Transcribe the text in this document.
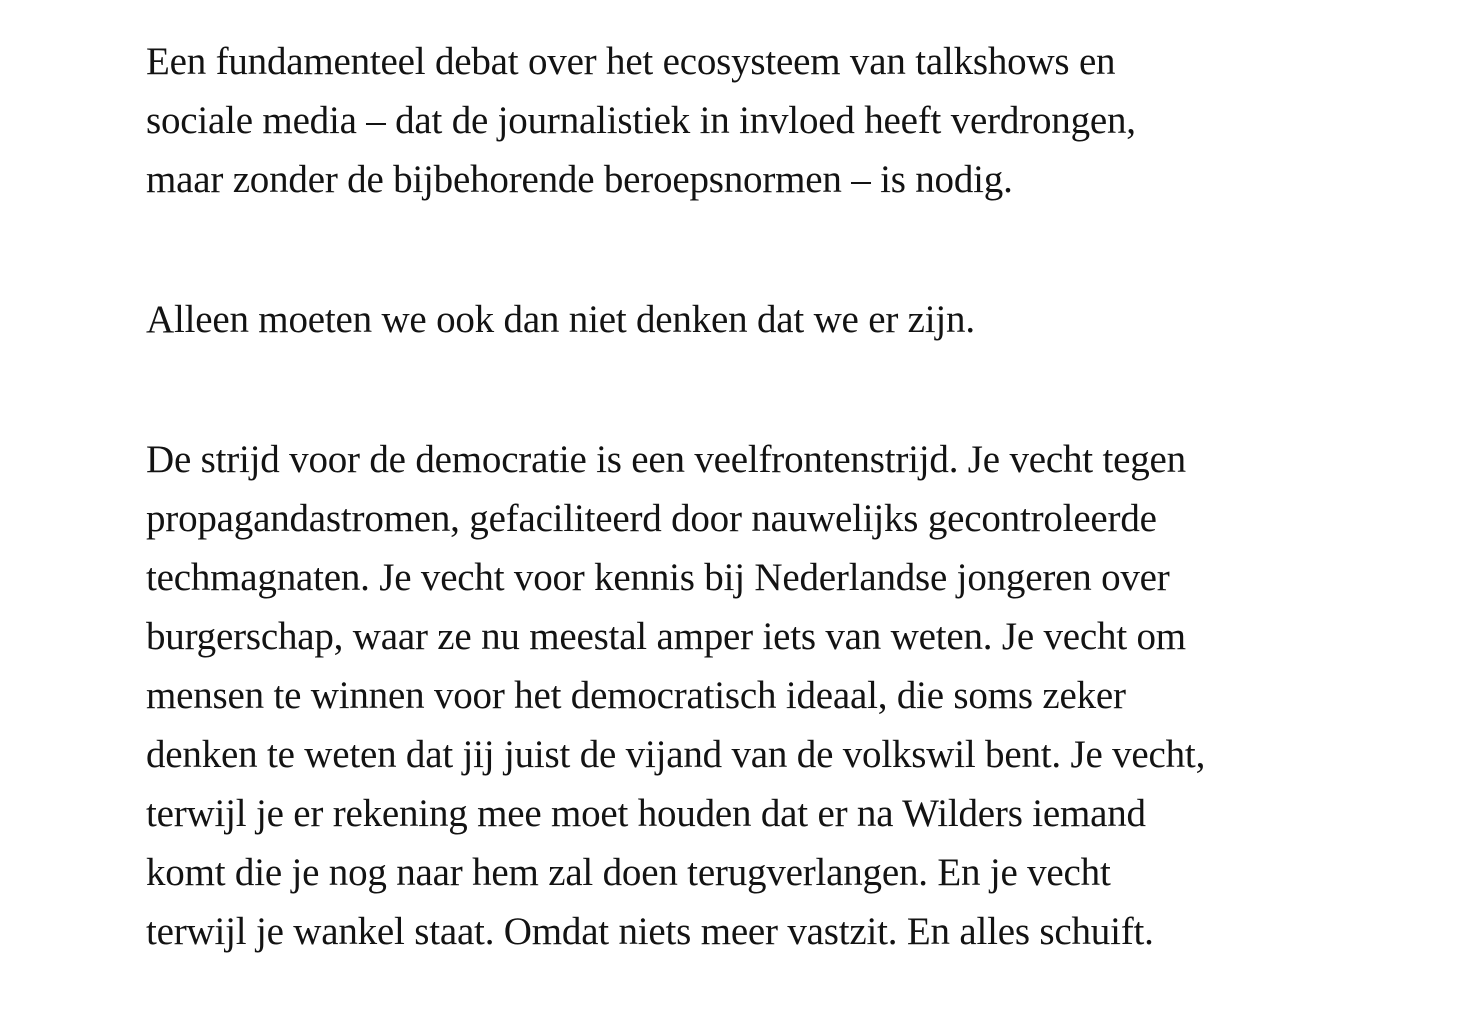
Een fundamenteel debat over het ecosysteem van talkshows en
sociale media – dat de journalistiek in invloed heeft verdrongen,
maar zonder de bijbehorende beroepsnormen – is nodig.
Alleen moeten we ook dan niet denken dat we er zijn.
De strijd voor de democratie is een veelfrontenstrijd. Je vecht tegen
propagandastromen, gefaciliteerd door nauwelijks gecontroleerde
techmagnaten. Je vecht voor kennis bij Nederlandse jongeren over
burgerschap, waar ze nu meestal amper iets van weten. Je vecht om
mensen te winnen voor het democratisch ideaal, die soms zeker
denken te weten dat jij juist de vijand van de volkswil bent. Je vecht,
terwijl je er rekening mee moet houden dat er na Wilders iemand
komt die je nog naar hem zal doen terugverlangen. En je vecht
terwijl je wankel staat. Omdat niets meer vastzit. En alles schuift.
